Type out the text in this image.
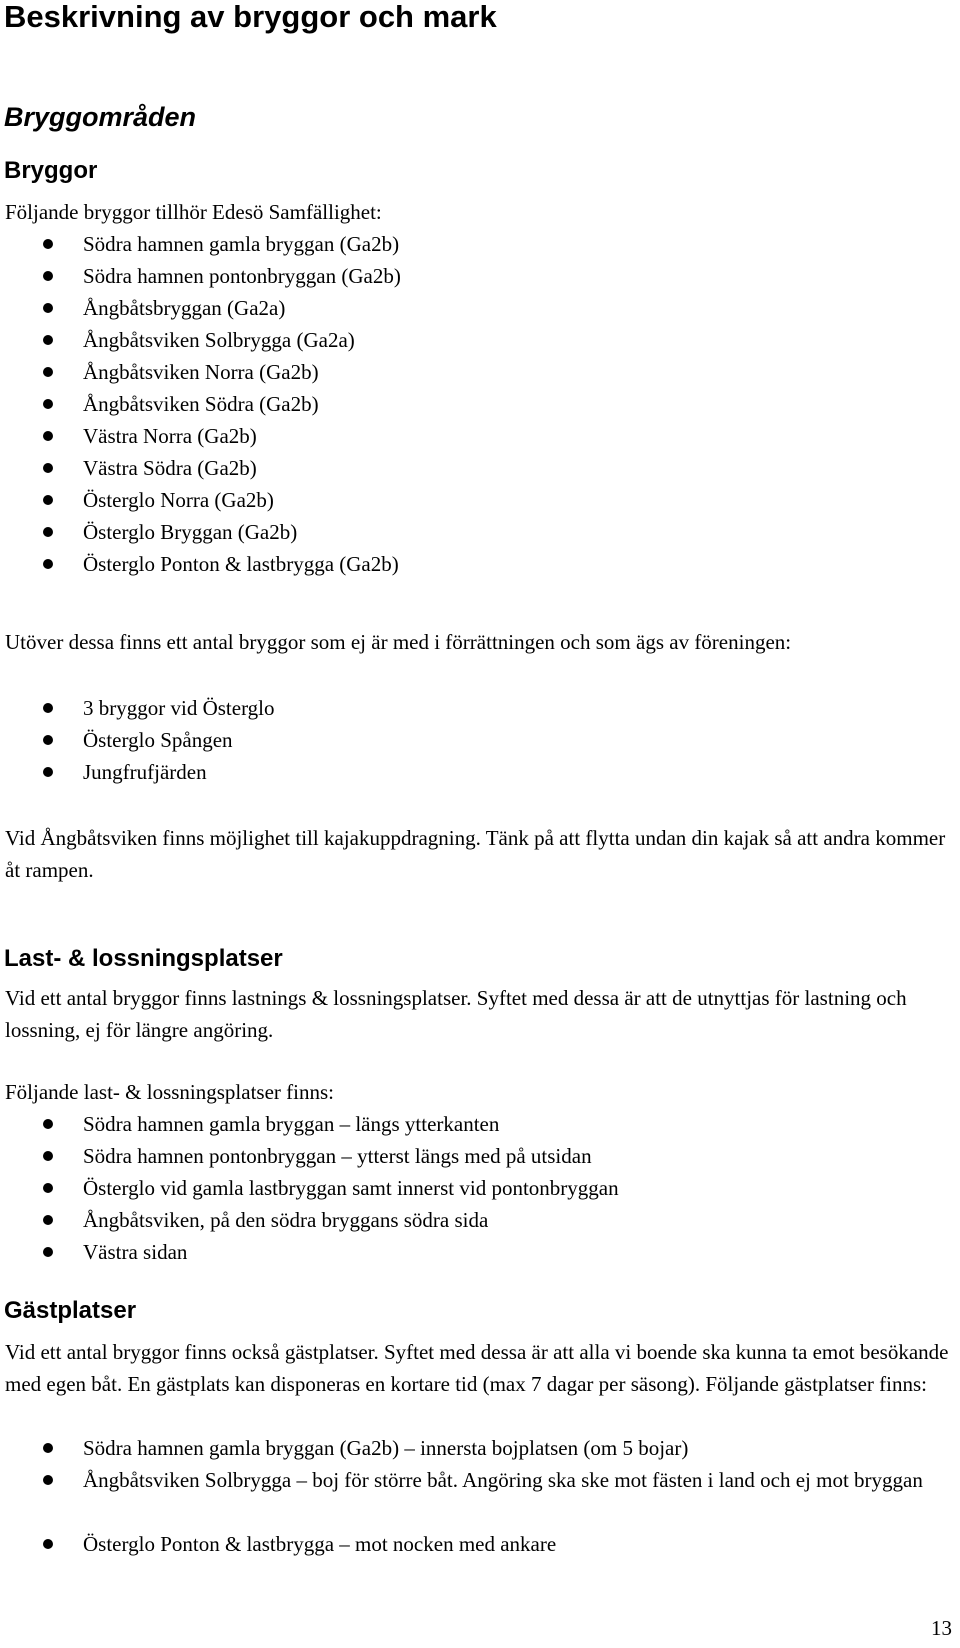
Beskrivning av bryggor och mark
Bryggområden
Bryggor

Följande bryggor tillhör Edesö Samfällighet:

Södra hamnen gamla bryggan (Ga2b)
Södra hamnen pontonbryggan (Ga2b)
Ångbåtsbryggan (Ga2a)
Ångbåtsviken Solbrygga (Ga2a)
Ångbåtsviken Norra (Ga2b)
Ångbåtsviken Södra (Ga2b)
Västra Norra (Ga2b)
Västra Södra (Ga2b)
Österglo Norra (Ga2b)
Österglo Bryggan (Ga2b)
Österglo Ponton & lastbrygga (Ga2b)

Utöver dessa finns ett antal bryggor som ej är med i förrättningen och som ägs av föreningen:

3 bryggor vid Österglo
Österglo Spången
Jungfrufjärden

Vid Ångbåtsviken finns möjlighet till kajakuppdragning. Tänk på att flytta undan din kajak så att andra kommer åt rampen.

Last- & lossningsplatser

Vid ett antal bryggor finns lastnings & lossningsplatser. Syftet med dessa är att de utnyttjas för lastning och lossning, ej för längre angöring.

Följande last- & lossningsplatser finns:

Södra hamnen gamla bryggan – längs ytterkanten
Södra hamnen pontonbryggan – ytterst längs med på utsidan
Österglo vid gamla lastbryggan samt innerst vid pontonbryggan
Ångbåtsviken, på den södra bryggans södra sida
Västra sidan
Gästplatser

Vid ett antal bryggor finns också gästplatser. Syftet med dessa är att alla vi boende ska kunna ta emot besökande med egen båt. En gästplats kan disponeras en kortare tid (max 7 dagar per säsong). Följande gästplatser finns:

Södra hamnen gamla bryggan (Ga2b) – innersta bojplatsen (om 5 bojar)
Ångbåtsviken Solbrygga – boj för större båt. Angöring ska ske mot fästen i land och ej mot bryggan
Österglo Ponton & lastbrygga – mot nocken med ankare
13
